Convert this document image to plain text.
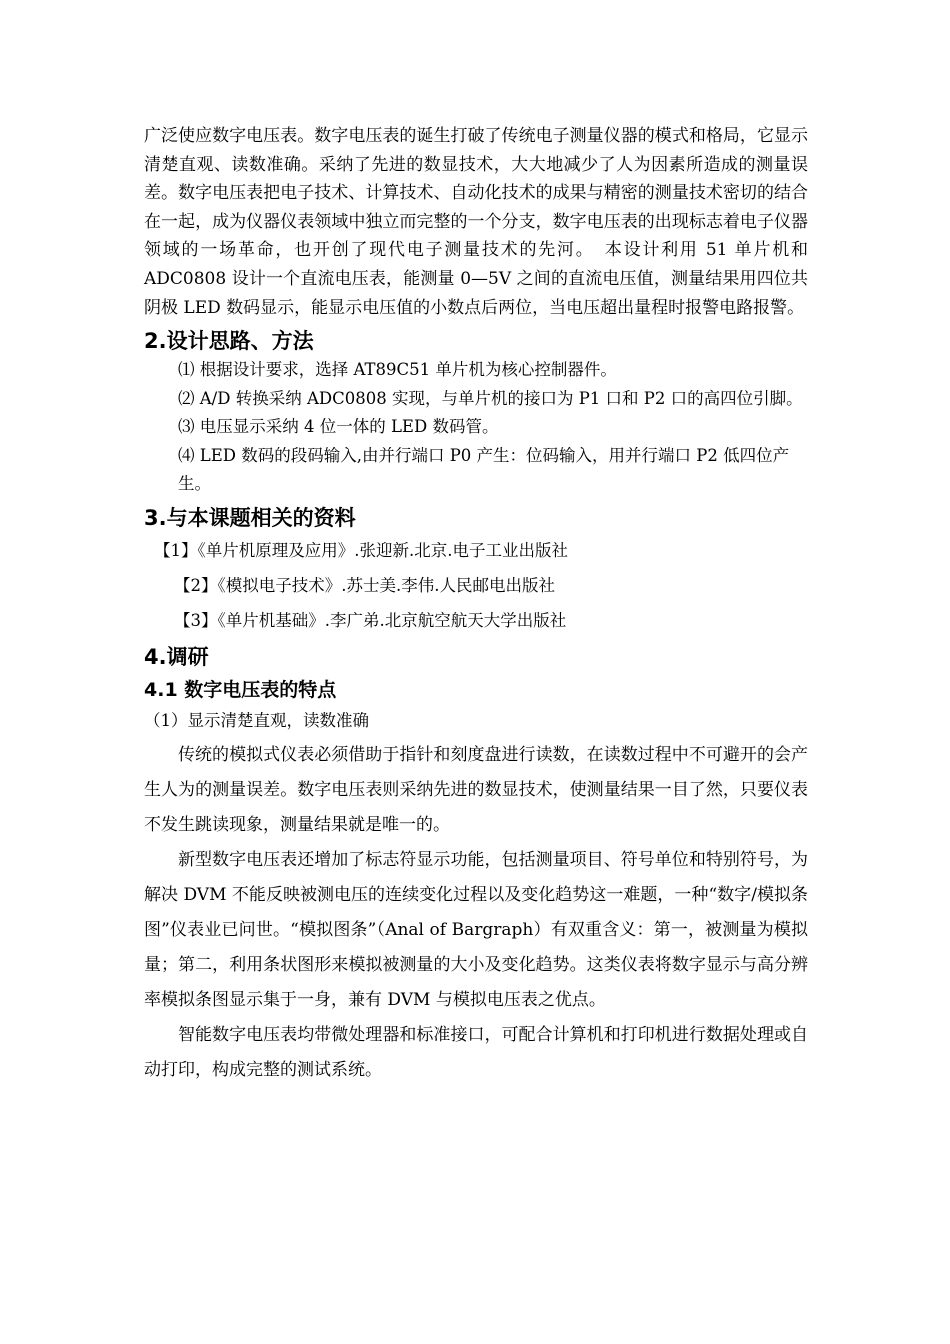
广泛使应数字电压表。数字电压表的诞生打破了传统电子测量仪器的模式和格局，它显示清楚直观、读数准确。采纳了先进的数显技术，大大地减少了人为因素所造成的测量误差。数字电压表把电子技术、计算技术、自动化技术的成果与精密的测量技术密切的结合在一起，成为仪器仪表领域中独立而完整的一个分支，数字电压表的出现标志着电子仪器领域的一场革命，也开创了现代电子测量技术的先河。　本设计利用 51 单片机和 ADC0808 设计一个直流电压表，能测量 0—5V 之间的直流电压值，测量结果用四位共阴极 LED 数码显示，能显示电压值的小数点后两位，当电压超出量程时报警电路报警。

2.设计思路、方法

⑴ 根据设计要求，选择 AT89C51 单片机为核心控制器件。

⑵ A/D 转换采纳 ADC0808 实现，与单片机的接口为 P1 口和 P2 口的高四位引脚。

⑶ 电压显示采纳 4 位一体的 LED 数码管。

⑷ LED 数码的段码输入,由并行端口 P0 产生：位码输入，用并行端口 P2 低四位产生。

3.与本课题相关的资料

【1】《单片机原理及应用》.张迎新.北京.电子工业出版社

【2】《模拟电子技术》.苏士美.李伟.人民邮电出版社

【3】《单片机基础》.李广弟.北京航空航天大学出版社

4.调研

4.1 数字电压表的特点

（1）显示清楚直观，读数准确

传统的模拟式仪表必须借助于指针和刻度盘进行读数，在读数过程中不可避开的会产生人为的测量误差。数字电压表则采纳先进的数显技术，使测量结果一目了然，只要仪表不发生跳读现象，测量结果就是唯一的。

新型数字电压表还增加了标志符显示功能，包括测量项目、符号单位和特别符号，为解决 DVM 不能反映被测电压的连续变化过程以及变化趋势这一难题，一种“数字/模拟条图”仪表业已问世。“模拟图条”（Anal of Bargraph）有双重含义：第一，被测量为模拟量；第二，利用条状图形来模拟被测量的大小及变化趋势。这类仪表将数字显示与高分辨率模拟条图显示集于一身，兼有 DVM 与模拟电压表之优点。

智能数字电压表均带微处理器和标准接口，可配合计算机和打印机进行数据处理或自动打印，构成完整的测试系统。
